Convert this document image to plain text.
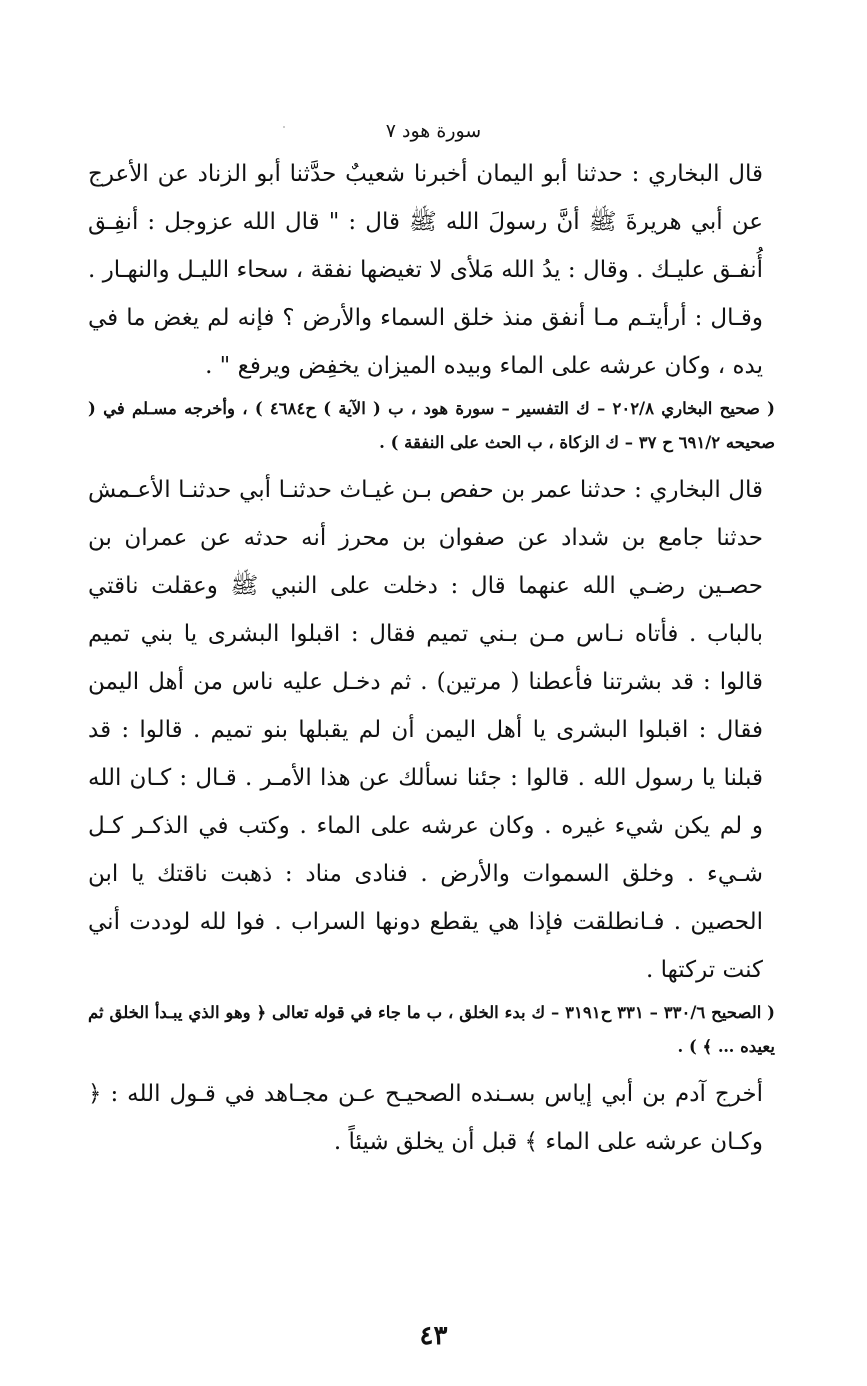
سورة هود ٧

قال البخاري : حدثنا أبو اليمان أخبرنا شعيبٌ حدَّثنا أبو الزناد عن الأعرج عن أبي هريرةَ ﷺ أنَّ رسولَ الله ﷺ قال : " قال الله عزوجل : أنفِـق أُنفـق عليـك . وقال : يدُ الله مَلأى لا تغيضها نفقة ، سحاء الليـل والنهـار . وقـال : أرأيتـم مـا أنفق منذ خلق السماء والأرض ؟ فإنه لم يغض ما في يده ، وكان عرشه على الماء وبيده الميزان يخفِض ويرفع " .

( صحيح البخاري ٢٠٢/٨ – ك التفسير – سورة هود ، ب ( الآية ) ح٤٦٨٤ ) ، وأخرجه مسـلم في ( صحيحه ٦٩١/٢ ح ٣٧ – ك الزكاة ، ب الحث على النفقة ) .

قال البخاري : حدثنا عمر بن حفص بـن غيـاث حدثنـا أبي حدثنـا الأعـمش حدثنا جامع بن شداد عن صفوان بن محرز أنه حدثه عن عمران بن حصـين رضـي الله عنهما قال : دخلت على النبي ﷺ وعقلت ناقتي بالباب . فأتاه نـاس مـن بـني تميم فقال : اقبلوا البشرى يا بني تميم قالوا : قد بشرتنا فأعطنا ( مرتين) . ثم دخـل عليه ناس من أهل اليمن فقال : اقبلوا البشرى يا أهل اليمن أن لم يقبلها بنو تميم . قالوا : قد قبلنا يا رسول الله . قالوا : جئنا نسألك عن هذا الأمـر . قـال : كـان الله و لم يكن شيء غيره . وكان عرشه على الماء . وكتب في الذكـر كـل شـيء . وخلق السموات والأرض . فنادى مناد : ذهبت ناقتك يا ابن الحصين . فـانطلقت فإذا هي يقطع دونها السراب . فوا لله لوددت أني كنت تركتها .

( الصحيح ٣٣٠/٦ – ٣٣١ ح٣١٩١ – ك بدء الخلق ، ب ما جاء في قوله تعالى ﴿ وهو الذي يبـدأ الخلق ثم يعيده … ﴾ ) .

أخرج آدم بن أبي إياس بسـنده الصحيـح عـن مجـاهد في قـول الله : ﴿ وكـان عرشه على الماء ﴾ قبل أن يخلق شيئاً .

٤٣
